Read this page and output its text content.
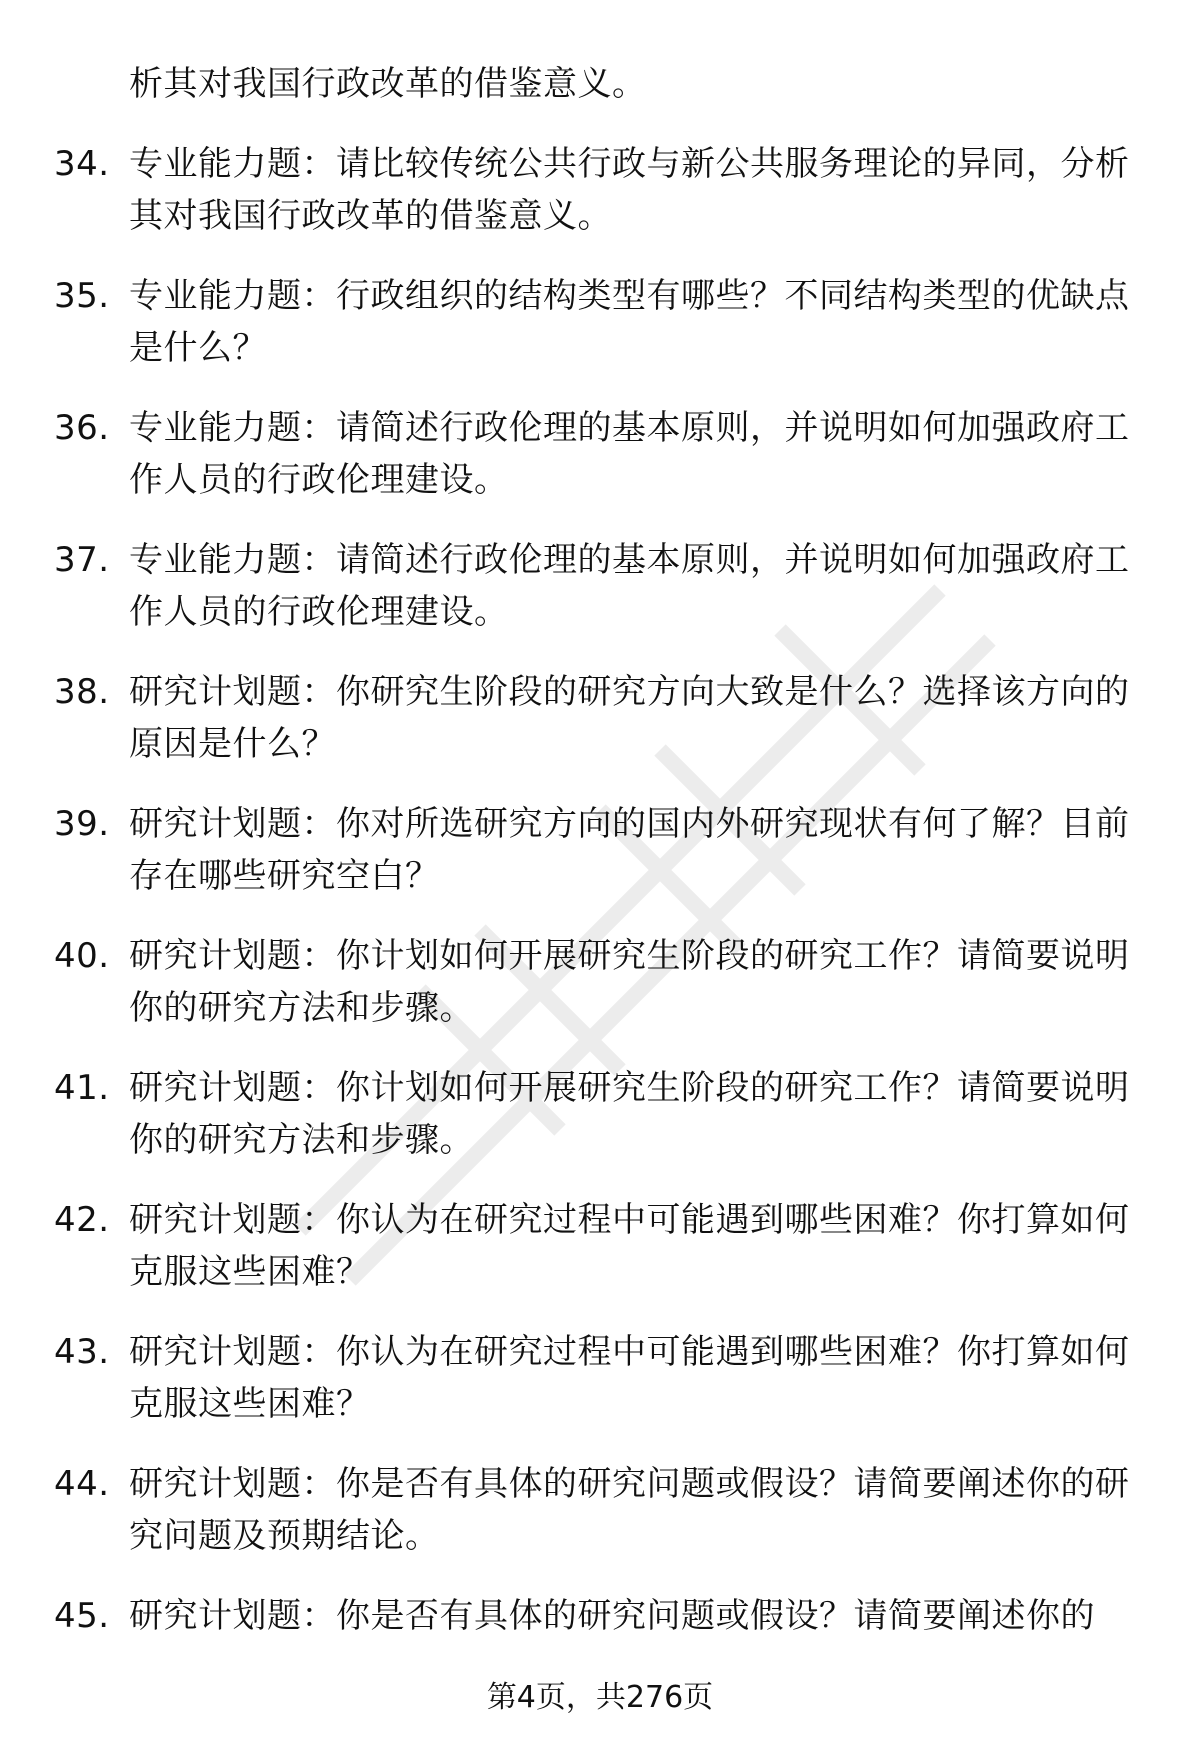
析其对我国行政改革的借鉴意义。
34. 专业能力题：请比较传统公共行政与新公共服务理论的异同，分析其对我国行政改革的借鉴意义。
35. 专业能力题：行政组织的结构类型有哪些？不同结构类型的优缺点是什么？
36. 专业能力题：请简述行政伦理的基本原则，并说明如何加强政府工作人员的行政伦理建设。
37. 专业能力题：请简述行政伦理的基本原则，并说明如何加强政府工作人员的行政伦理建设。
38. 研究计划题：你研究生阶段的研究方向大致是什么？选择该方向的原因是什么？
39. 研究计划题：你对所选研究方向的国内外研究现状有何了解？目前存在哪些研究空白？
40. 研究计划题：你计划如何开展研究生阶段的研究工作？请简要说明你的研究方法和步骤。
41. 研究计划题：你计划如何开展研究生阶段的研究工作？请简要说明你的研究方法和步骤。
42. 研究计划题：你认为在研究过程中可能遇到哪些困难？你打算如何克服这些困难？
43. 研究计划题：你认为在研究过程中可能遇到哪些困难？你打算如何克服这些困难？
44. 研究计划题：你是否有具体的研究问题或假设？请简要阐述你的研究问题及预期结论。
45. 研究计划题：你是否有具体的研究问题或假设？请简要阐述你的
第4页，共276页
